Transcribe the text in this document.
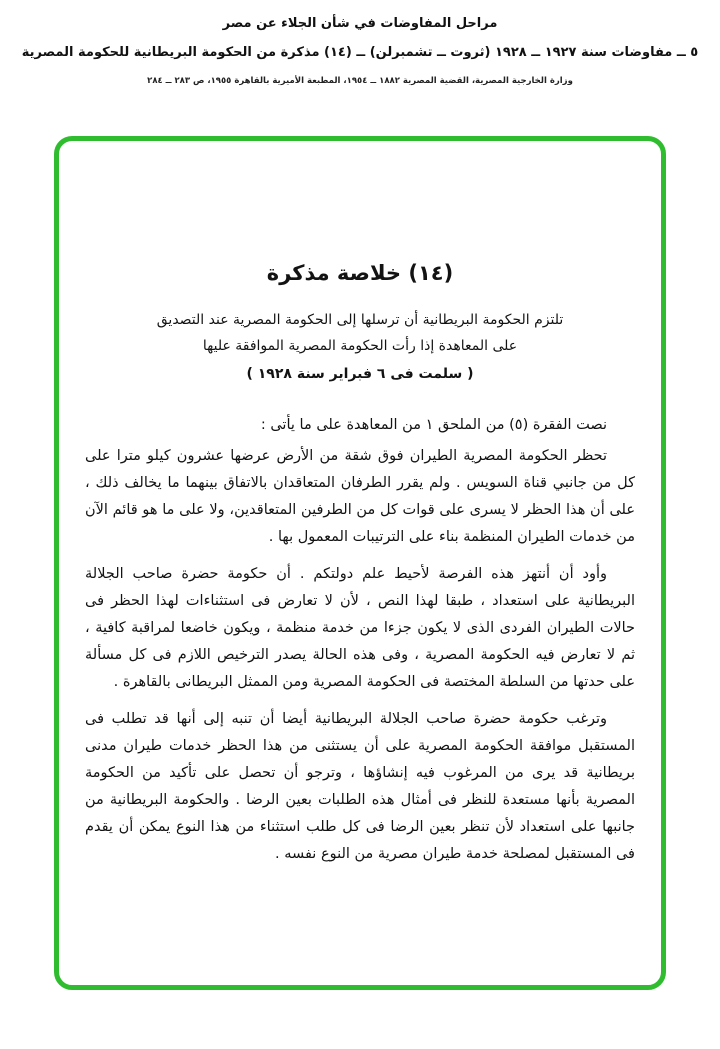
مراحل المفاوضات في شأن الجلاء عن مصر
٥ ــ مفاوضات سنة ١٩٢٧ ــ ١٩٢٨ (ثروت ــ تشمبرلن) ــ (١٤) مذكرة من الحكومة البريطانية للحكومة المصرية
وزارة الخارجية المصرية، القضية المصرية ١٨٨٢ ــ ١٩٥٤، المطبعة الأميرية بالقاهرة ١٩٥٥، ص ٢٨٣ ــ ٢٨٤
(١٤) خلاصة مذكرة

تلتزم الحكومة البريطانية أن ترسلها إلى الحكومة المصرية عند التصديق

على المعاهدة إذا رأت الحكومة المصرية الموافقة عليها

( سلمت فى ٦ فبراير سنة ١٩٢٨ )

نصت الفقرة (٥) من الملحق ١ من المعاهدة على ما يأتى :

تحظر الحكومة المصرية الطيران فوق شقة من الأرض عرضها عشرون كيلو مترا على كل من جانبي قناة السويس . ولم يقرر الطرفان المتعاقدان بالاتفاق بينهما ما يخالف ذلك ، على أن هذا الحظر لا يسرى على قوات كل من الطرفين المتعاقدين، ولا على ما هو قائم الآن من خدمات الطيران المنظمة بناء على الترتيبات المعمول بها .

وأود أن أنتهز هذه الفرصة لأحيط علم دولتكم . أن حكومة حضرة صاحب الجلالة البريطانية على استعداد ، طبقا لهذا النص ، لأن لا تعارض فى استثناءات لهذا الحظر فى حالات الطيران الفردى الذى لا يكون جزءا من خدمة منظمة ، ويكون خاضعا لمراقبة كافية ، ثم لا تعارض فيه الحكومة المصرية ، وفى هذه الحالة يصدر الترخيص اللازم فى كل مسألة على حدتها من السلطة المختصة فى الحكومة المصرية ومن الممثل البريطانى بالقاهرة .

وترغب حكومة حضرة صاحب الجلالة البريطانية أيضا أن تنبه إلى أنها قد تطلب فى المستقبل موافقة الحكومة المصرية على أن يستثنى من هذا الحظر خدمات طيران مدنى بريطانية قد يرى من المرغوب فيه إنشاؤها ، وترجو أن تحصل على تأكيد من الحكومة المصرية بأنها مستعدة للنظر فى أمثال هذه الطلبات بعين الرضا . والحكومة البريطانية من جانبها على استعداد لأن تنظر بعين الرضا فى كل طلب استثناء من هذا النوع يمكن أن يقدم فى المستقبل لمصلحة خدمة طيران مصرية من النوع نفسه .
